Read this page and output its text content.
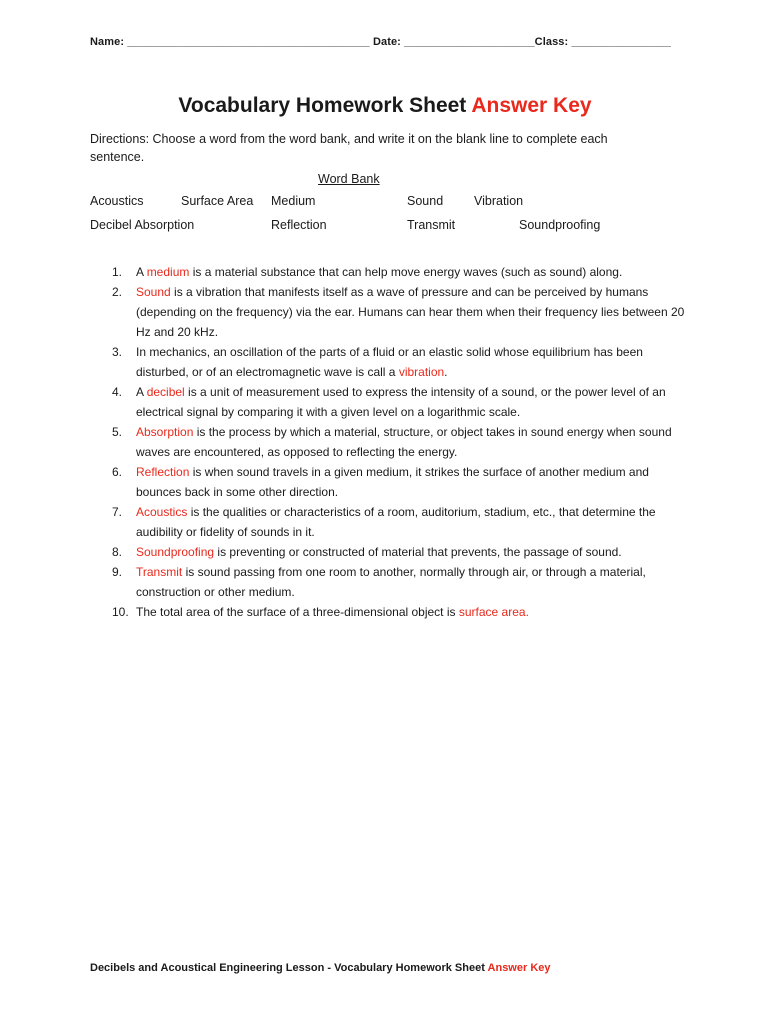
Name: _______________________________________ Date: _____________________Class: ________________
Vocabulary Homework Sheet Answer Key
Directions: Choose a word from the word bank, and write it on the blank line to complete each sentence.
Word Bank
Acoustics	Surface Area Medium	Sound Vibration
Decibel Absorption	Reflection	Transmit	Soundproofing
1.	A medium is a material substance that can help move energy waves (such as sound) along.
2.	Sound is a vibration that manifests itself as a wave of pressure and can be perceived by humans (depending on the frequency) via the ear. Humans can hear them when their frequency lies between 20 Hz and 20 kHz.
3.	In mechanics, an oscillation of the parts of a fluid or an elastic solid whose equilibrium has been disturbed, or of an electromagnetic wave is call a vibration.
4.	A decibel is a unit of measurement used to express the intensity of a sound, or the power level of an electrical signal by comparing it with a given level on a logarithmic scale.
5.	Absorption is the process by which a material, structure, or object takes in sound energy when sound waves are encountered, as opposed to reflecting the energy.
6.	Reflection is when sound travels in a given medium, it strikes the surface of another medium and bounces back in some other direction.
7.	Acoustics is the qualities or characteristics of a room, auditorium, stadium, etc., that determine the audibility or fidelity of sounds in it.
8.	Soundproofing is preventing or constructed of material that prevents, the passage of sound.
9.	Transmit is sound passing from one room to another, normally through air, or through a material, construction or other medium.
10. The total area of the surface of a three-dimensional object is surface area.
Decibels and Acoustical Engineering Lesson - Vocabulary Homework Sheet Answer Key
